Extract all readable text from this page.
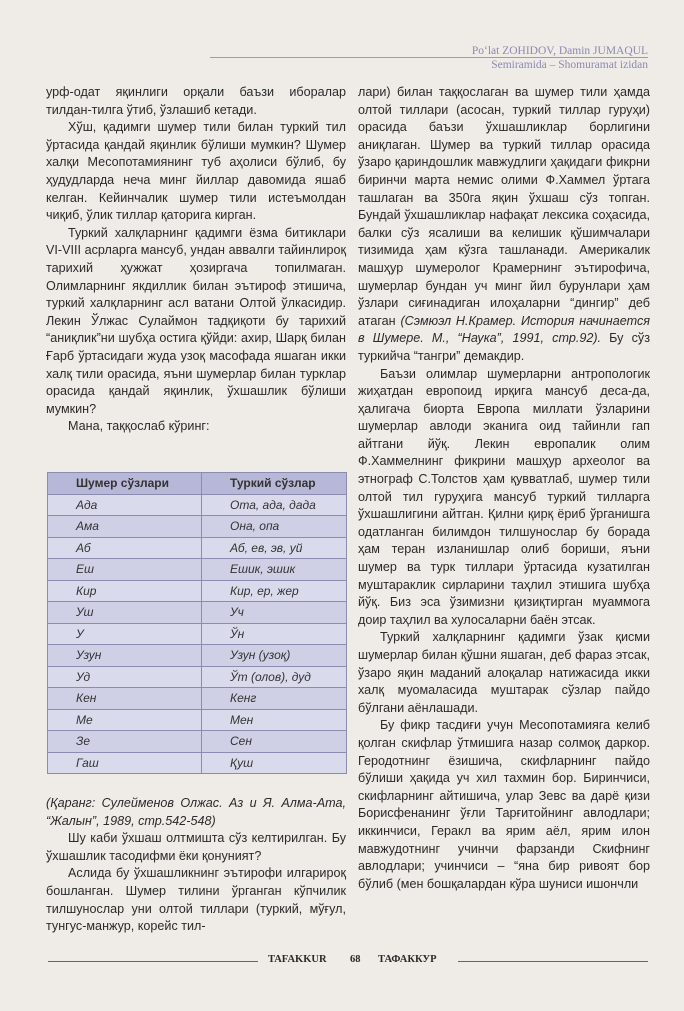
Po‘lat ZOHIDOV, Damin JUMAQUL
Semiramida – Shomuramat izidan

урф-одат яқинлиги орқали баъзи иборалар тилдан-тилга ўтиб, ўзлашиб кетади.

Хўш, қадимги шумер тили билан туркий тил ўртасида қандай яқинлик бўлиши мумкин? Шумер халқи Месопотамиянинг туб аҳолиси бўлиб, бу ҳудудларда неча минг йиллар давомида яшаб келган. Кейинчалик шумер тили истеъмолдан чиқиб, ўлик тиллар қаторига кирган.

Туркий халқларнинг қадимги ёзма битиклари VI-VIII асрларга мансуб, ундан аввалги тайинлироқ тарихий ҳужжат ҳозиргача топилмаган. Олимларнинг якдиллик билан эътироф этишича, туркий халқларнинг асл ватани Олтой ўлкасидир. Лекин Ўлжас Сулаймон тадқиқоти бу тарихий “аниқлик”ни шубҳа остига қўйди: ахир, Шарқ билан Ғарб ўртасидаги жуда узоқ масофада яшаган икки халқ тили орасида, яъни шумерлар билан турклар орасида қандай яқинлик, ўхшашлик бўлиши мумкин?

Мана, таққослаб кўринг:

Шумер сўзлари	Туркий сўзлар
Ада	Ота, ада, дада
Ама	Она, опа
Аб	Аб, ев, эв, уй
Еш	Ешик, эшик
Кир	Кир, ер, жер
Уш	Уч
У	Ўн
Узун	Узун (узоқ)
Уд	Ўт (олов), дуд
Кен	Кенг
Ме	Мен
Зе	Сен
Гаш	Қуш

(Қаранг: Сулейменов Олжас. Аз и Я. Алма-Ата, “Жалын”, 1989, стр.542-548)

Шу каби ўхшаш олтмишта сўз келтирилган. Бу ўхшашлик тасодифми ёки қонуният?

Аслида бу ўхшашликнинг эътирофи илгарироқ бошланган. Шумер тилини ўрганган кўпчилик тилшунослар уни олтой тиллари (туркий, мўғул, тунгус-манжур, корейс тил-

лари) билан таққослаган ва шумер тили ҳамда олтой тиллари (асосан, туркий тиллар гуруҳи) орасида баъзи ўхшашликлар борлигини аниқлаган. Шумер ва туркий тиллар орасида ўзаро қариндошлик мавжудлиги ҳақидаги фикрни биринчи марта немис олими Ф.Хаммел ўртага ташлаган ва 350га яқин ўхшаш сўз топган. Бундай ўхшашликлар нафақат лексика соҳасида, балки сўз ясалиши ва келишик қўшимчалари тизимида ҳам кўзга ташланади. Америкалик машҳур шумеролог Крамернинг эътирофича, шумерлар бундан уч минг йил бурунлари ҳам ўзлари сиғинадиган илоҳаларни “дингир” деб атаган (Сэмюэл Н.Крамер. История начинается в Шумере. М., “Наука”, 1991, стр.92). Бу сўз туркийча “тангри” демакдир.

Баъзи олимлар шумерларни антропологик жиҳатдан европоид ирқига мансуб деса-да, ҳалигача биорта Европа миллати ўзларини шумерлар авлоди эканига оид тайинли гап айтгани йўқ. Лекин европалик олим Ф.Хаммелнинг фикрини машҳур археолог ва этнограф С.Толстов ҳам қувватлаб, шумер тили олтой тил гуруҳига мансуб туркий тилларга ўхшашлигини айтган. Қилни қирқ ёриб ўрганишга одатланган билимдон тилшунослар бу борада ҳам теран изланишлар олиб бориши, яъни шумер ва турк тиллари ўртасида кузатилган муштараклик сирларини таҳлил этишига шубҳа йўқ. Биз эса ўзимизни қизиқтирган муаммога доир таҳлил ва хулосаларни баён этсак.

Туркий халқларнинг қадимги ўзак қисми шумерлар билан қўшни яшаган, деб фараз этсак, ўзаро яқин маданий алоқалар натижасида икки халқ муомаласида муштарак сўзлар пайдо бўлгани аёнлашади.

Бу фикр тасдиғи учун Месопотамияга келиб қолган скифлар ўтмишига назар солмоқ даркор. Геродотнинг ёзишича, скифларнинг пайдо бўлиши ҳақида уч хил тахмин бор. Биринчиси, скифларнинг айтишича, улар Зевс ва дарё қизи Борисфенанинг ўғли Тарғитойнинг авлодлари; иккинчиси, Геракл ва ярим аёл, ярим илон мавжудотнинг учинчи фарзанди Скифнинг авлодлари; учинчиси – “яна бир ривоят бор бўлиб (мен бошқалардан кўра шуниси ишончли

TAFAKKUR 68 ТАФАККУР
